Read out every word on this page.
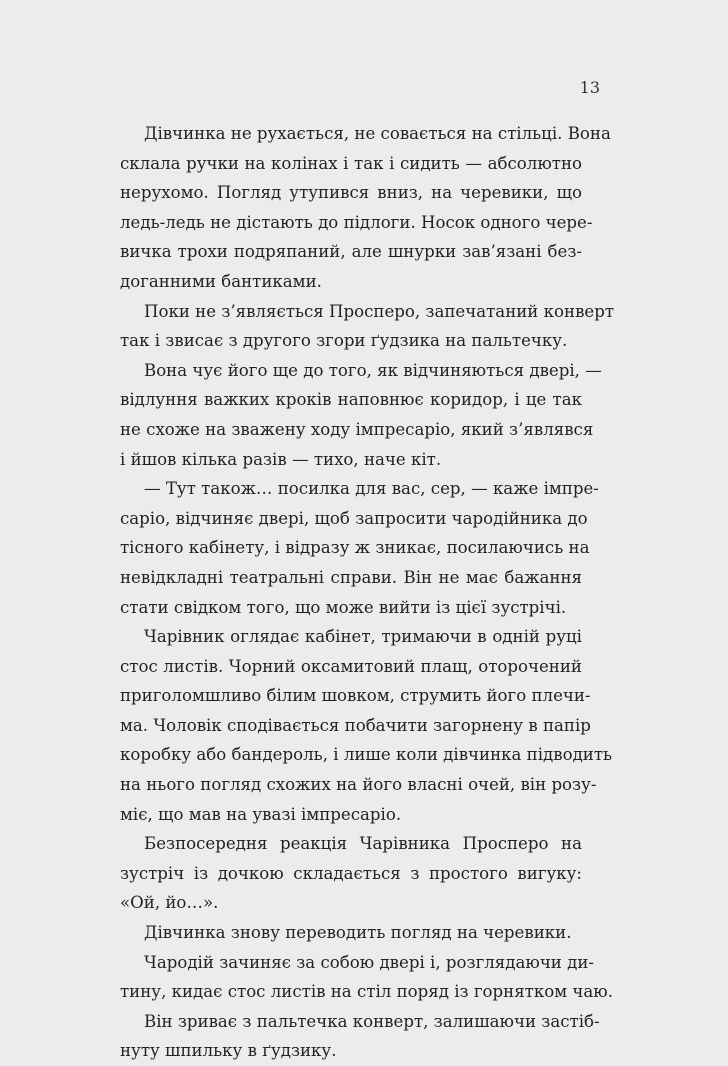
13

Дівчинка не рухається, не совається на стільці. Вона
склала ручки на колінах і так і сидить — абсолютно
нерухомо. Погляд утупився вниз, на черевики, що
ледь-ледь не дістають до підлоги. Носок одного чере-
вичка трохи подряпаний, але шнурки зав’язані без-
доганними бантиками.

Поки не з’являється Просперо, запечатаний конверт
так і звисає з другого згори ґудзика на пальтечку.

Вона чує його ще до того, як відчиняються двері, —
відлуння важких кроків наповнює коридор, і це так
не схоже на зважену ходу імпресаріо, який з’являвся
і йшов кілька разів — тихо, наче кіт.

— Тут також… посилка для вас, сер, — каже імпре-
саріо, відчиняє двері, щоб запросити чародійника до
тісного кабінету, і відразу ж зникає, посилаючись на
невідкладні театральні справи. Він не має бажання
стати свідком того, що може вийти із цієї зустрічі.

Чарівник оглядає кабінет, тримаючи в одній руці
стос листів. Чорний оксамитовий плащ, оторочений
приголомшливо білим шовком, струмить його плечи-
ма. Чоловік сподівається побачити загорнену в папір
коробку або бандероль, і лише коли дівчинка підводить
на нього погляд схожих на його власні очей, він розу-
міє, що мав на увазі імпресаріо.

Безпосередня реакція Чарівника Просперо на
зустріч із дочкою складається з простого вигуку:
«Ой, йо…».

Дівчинка знову переводить погляд на черевики.

Чародій зачиняє за собою двері і, розглядаючи ди-
тину, кидає стос листів на стіл поряд із горнятком чаю.

Він зриває з пальтечка конверт, залишаючи застіб-
нуту шпильку в ґудзику.
